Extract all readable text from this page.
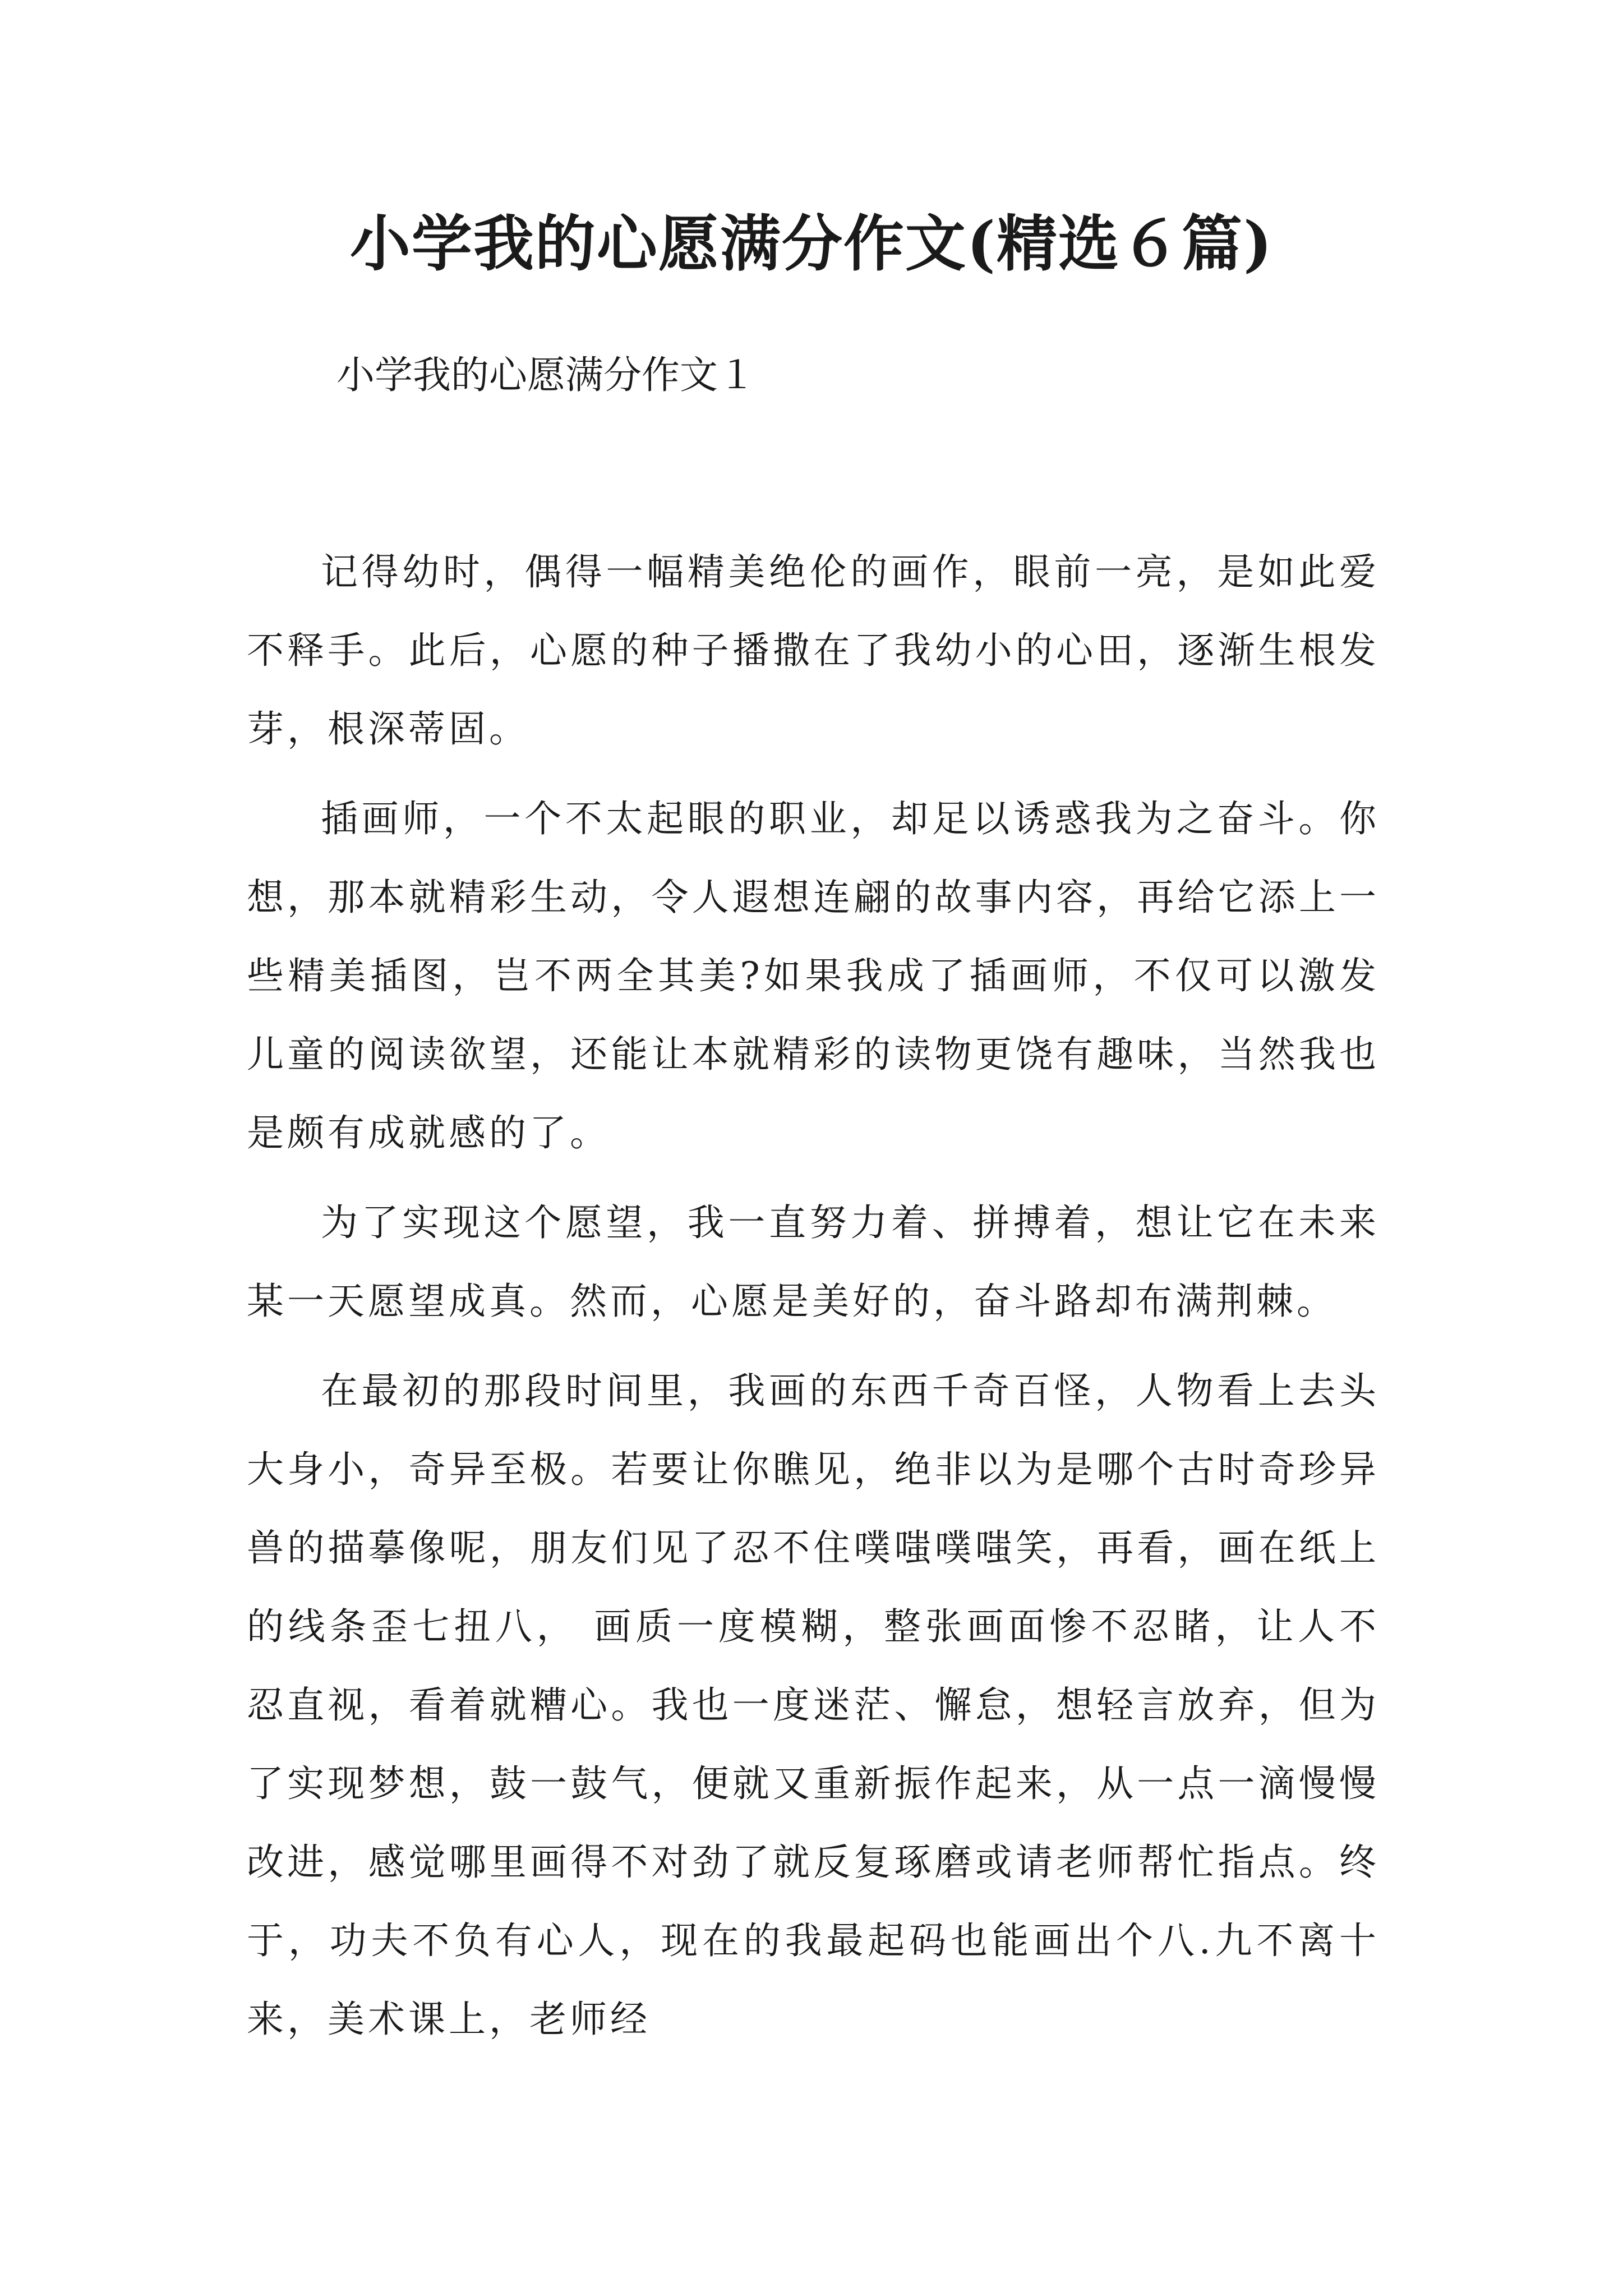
小学我的心愿满分作文(精选６篇)
小学我的心愿满分作文１

记得幼时，偶得一幅精美绝伦的画作，眼前一亮，是如此爱不释手。此后，心愿的种子播撒在了我幼小的心田，逐渐生根发芽，根深蒂固。

插画师，一个不太起眼的职业，却足以诱惑我为之奋斗。你想，那本就精彩生动，令人遐想连翩的故事内容，再给它添上一些精美插图，岂不两全其美?如果我成了插画师，不仅可以激发儿童的阅读欲望，还能让本就精彩的读物更饶有趣味，当然我也是颇有成就感的了。

为了实现这个愿望，我一直努力着、拼搏着，想让它在未来某一天愿望成真。然而，心愿是美好的，奋斗路却布满荆棘。

在最初的那段时间里，我画的东西千奇百怪，人物看上去头大身小，奇异至极。若要让你瞧见，绝非以为是哪个古时奇珍异兽的描摹像呢，朋友们见了忍不住噗嗤噗嗤笑，再看，画在纸上的线条歪七扭八， 画质一度模糊，整张画面惨不忍睹，让人不忍直视，看着就糟心。我也一度迷茫、懈怠，想轻言放弃，但为了实现梦想，鼓一鼓气，便就又重新振作起来，从一点一滴慢慢改进，感觉哪里画得不对劲了就反复琢磨或请老师帮忙指点。终于，功夫不负有心人，现在的我最起码也能画出个八.九不离十来，美术课上，老师经
